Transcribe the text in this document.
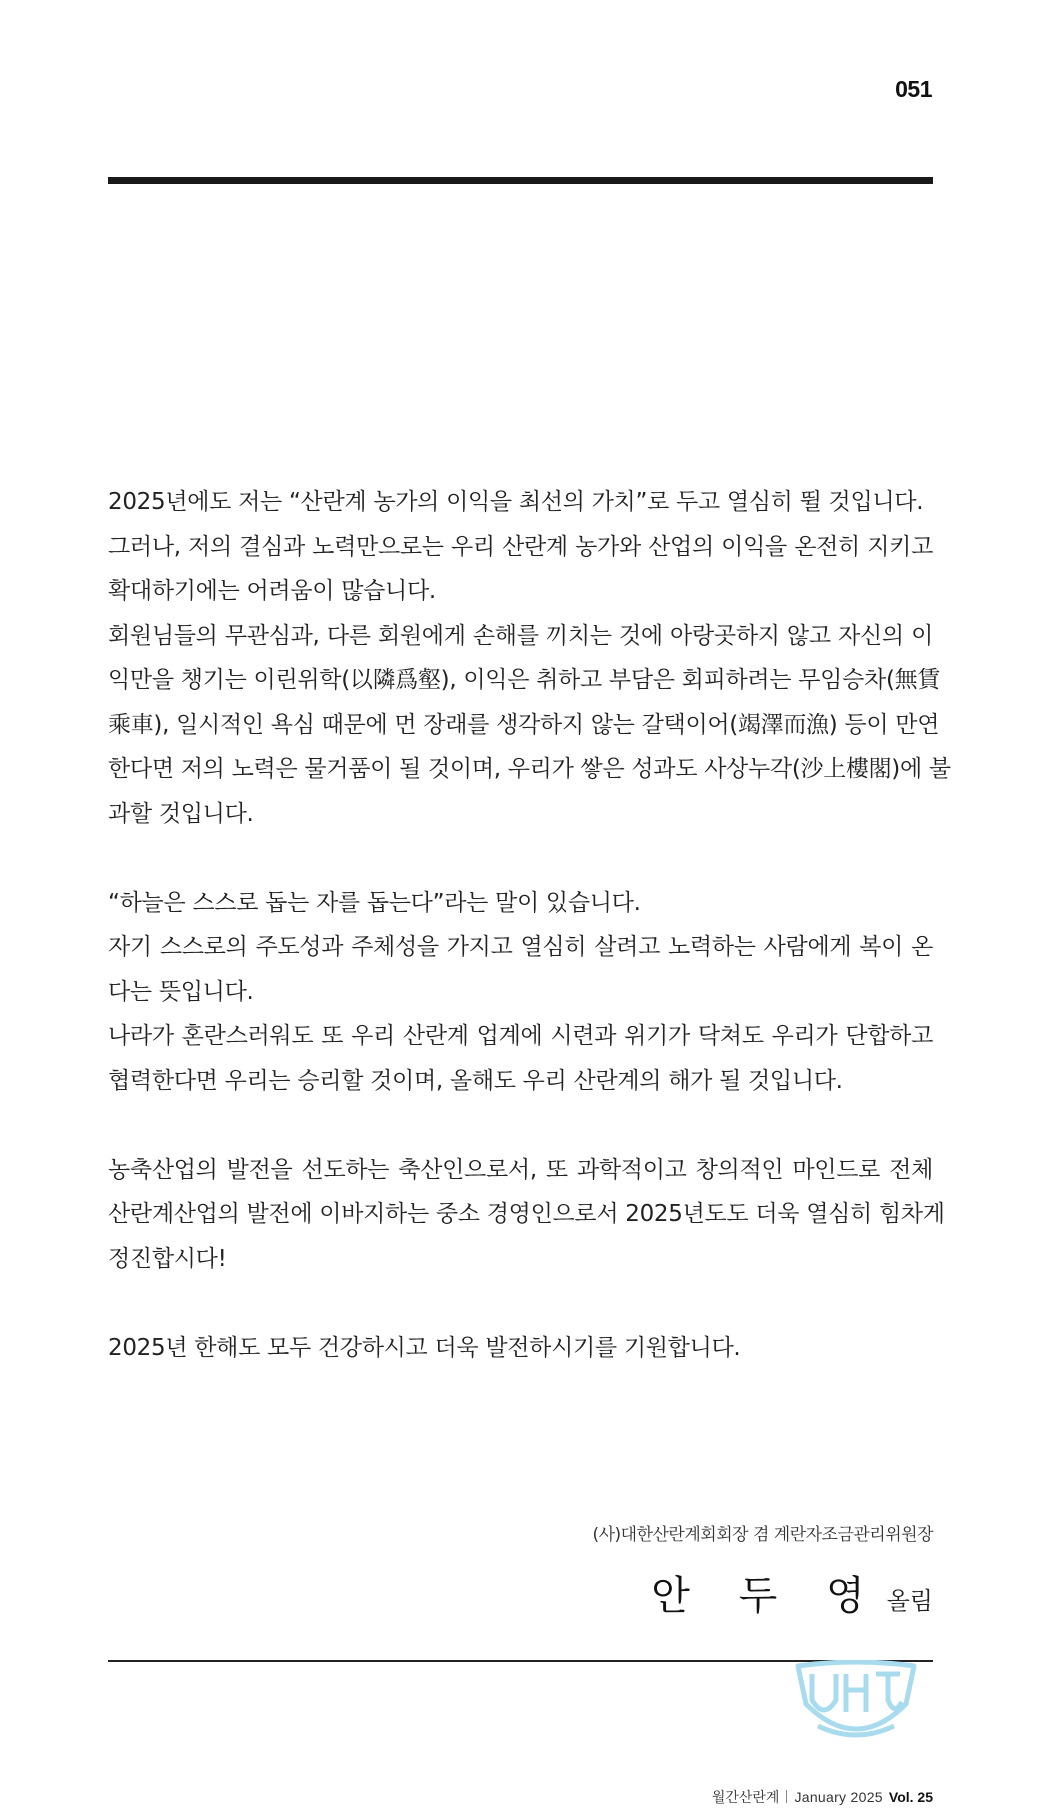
051
2025년에도 저는 “산란계 농가의 이익을 최선의 가치”로 두고 열심히 뛸 것입니다.
그러나, 저의 결심과 노력만으로는 우리 산란계 농가와 산업의 이익을 온전히 지키고
확대하기에는 어려움이 많습니다.
회원님들의 무관심과, 다른 회원에게 손해를 끼치는 것에 아랑곳하지 않고 자신의 이
익만을 챙기는 이린위학(以隣爲壑), 이익은 취하고 부담은 회피하려는 무임승차(無賃
乘車), 일시적인 욕심 때문에 먼 장래를 생각하지 않는 갈택이어(竭澤而漁) 등이 만연
한다면 저의 노력은 물거품이 될 것이며, 우리가 쌓은 성과도 사상누각(沙上樓閣)에 불
과할 것입니다.
“하늘은 스스로 돕는 자를 돕는다”라는 말이 있습니다.
자기 스스로의 주도성과 주체성을 가지고 열심히 살려고 노력하는 사람에게 복이 온
다는 뜻입니다.
나라가 혼란스러워도 또 우리 산란계 업계에 시련과 위기가 닥쳐도 우리가 단합하고
협력한다면 우리는 승리할 것이며, 올해도 우리 산란계의 해가 될 것입니다.
농축산업의 발전을 선도하는 축산인으로서, 또 과학적이고 창의적인 마인드로 전체
산란계산업의 발전에 이바지하는 중소 경영인으로서 2025년도도 더욱 열심히 힘차게
정진합시다!
2025년 한해도 모두 건강하시고 더욱 발전하시기를 기원합니다.
(사)대한산란계회회장 겸 계란자조금관리위원장
안 두 영 올림
월간산란계 January 2025 Vol. 25
